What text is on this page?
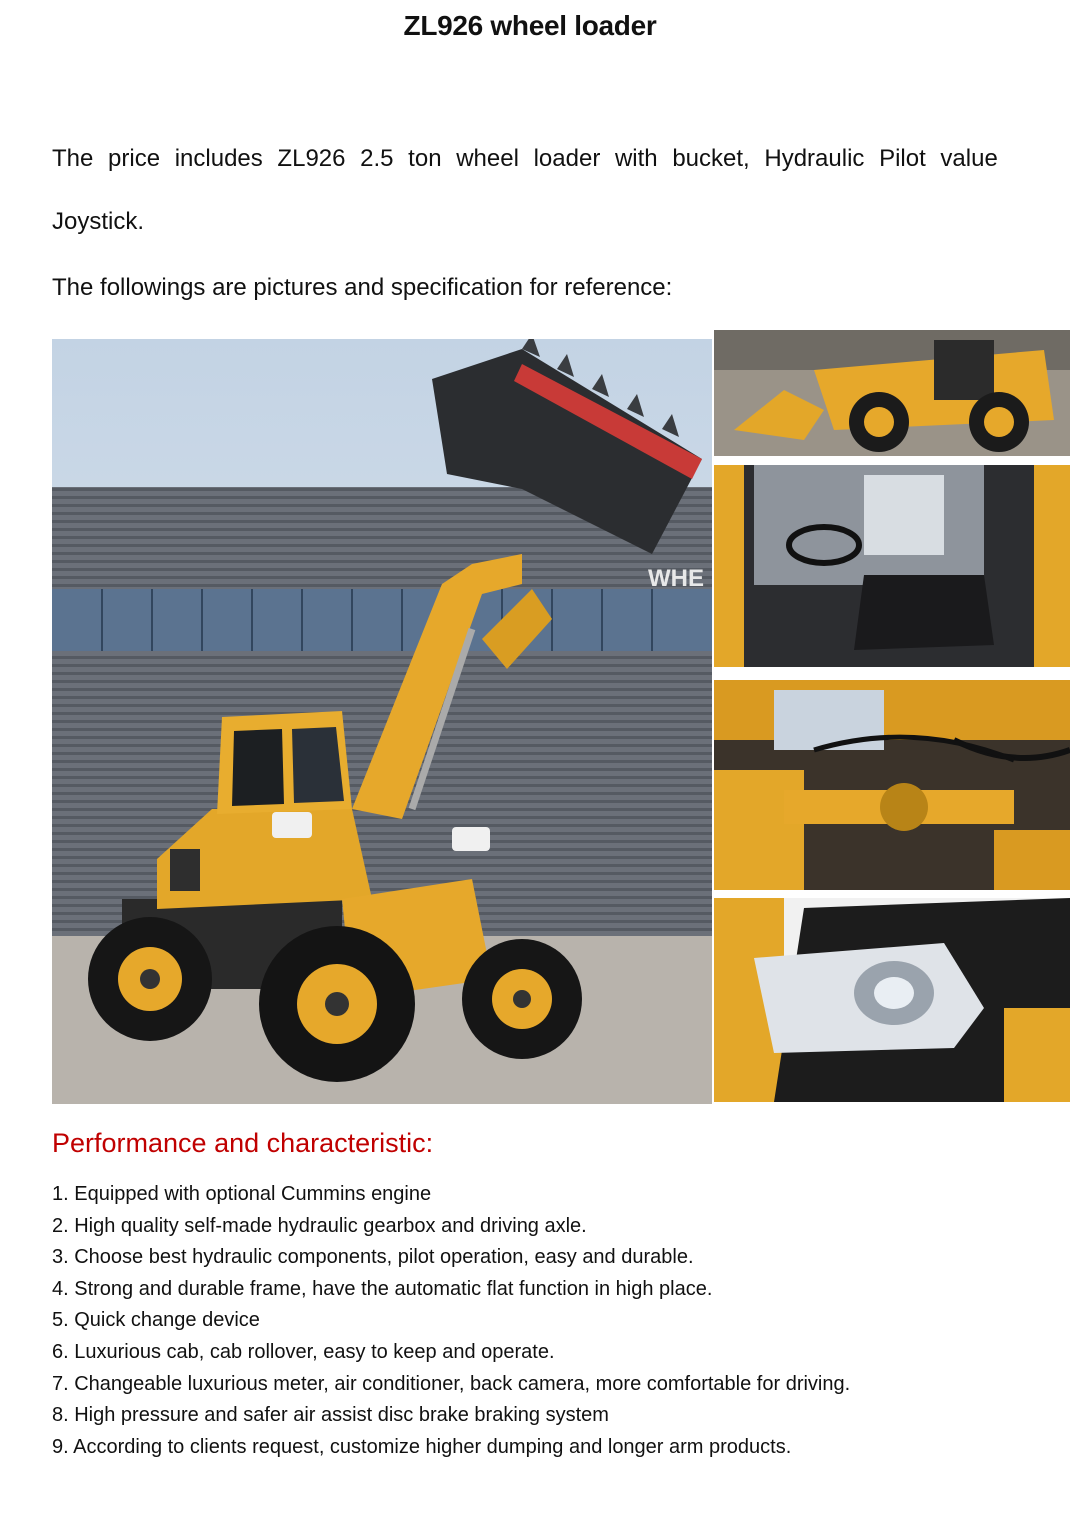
ZL926 wheel loader
The price includes ZL926 2.5 ton wheel loader with bucket, Hydraulic Pilot value
Joystick.
The followings are pictures and specification for reference:
WHE
Performance and characteristic:
1. Equipped with optional Cummins engine
2. High quality self-made hydraulic gearbox and driving axle.
3. Choose best hydraulic components, pilot operation, easy and durable.
4. Strong and durable frame, have the automatic flat function in high place.
5. Quick change device
6. Luxurious cab, cab rollover, easy to keep and operate.
7. Changeable luxurious meter, air conditioner, back camera, more comfortable for driving.
8. High pressure and safer air assist disc brake braking system
9. According to clients request, customize higher dumping and longer arm products.
